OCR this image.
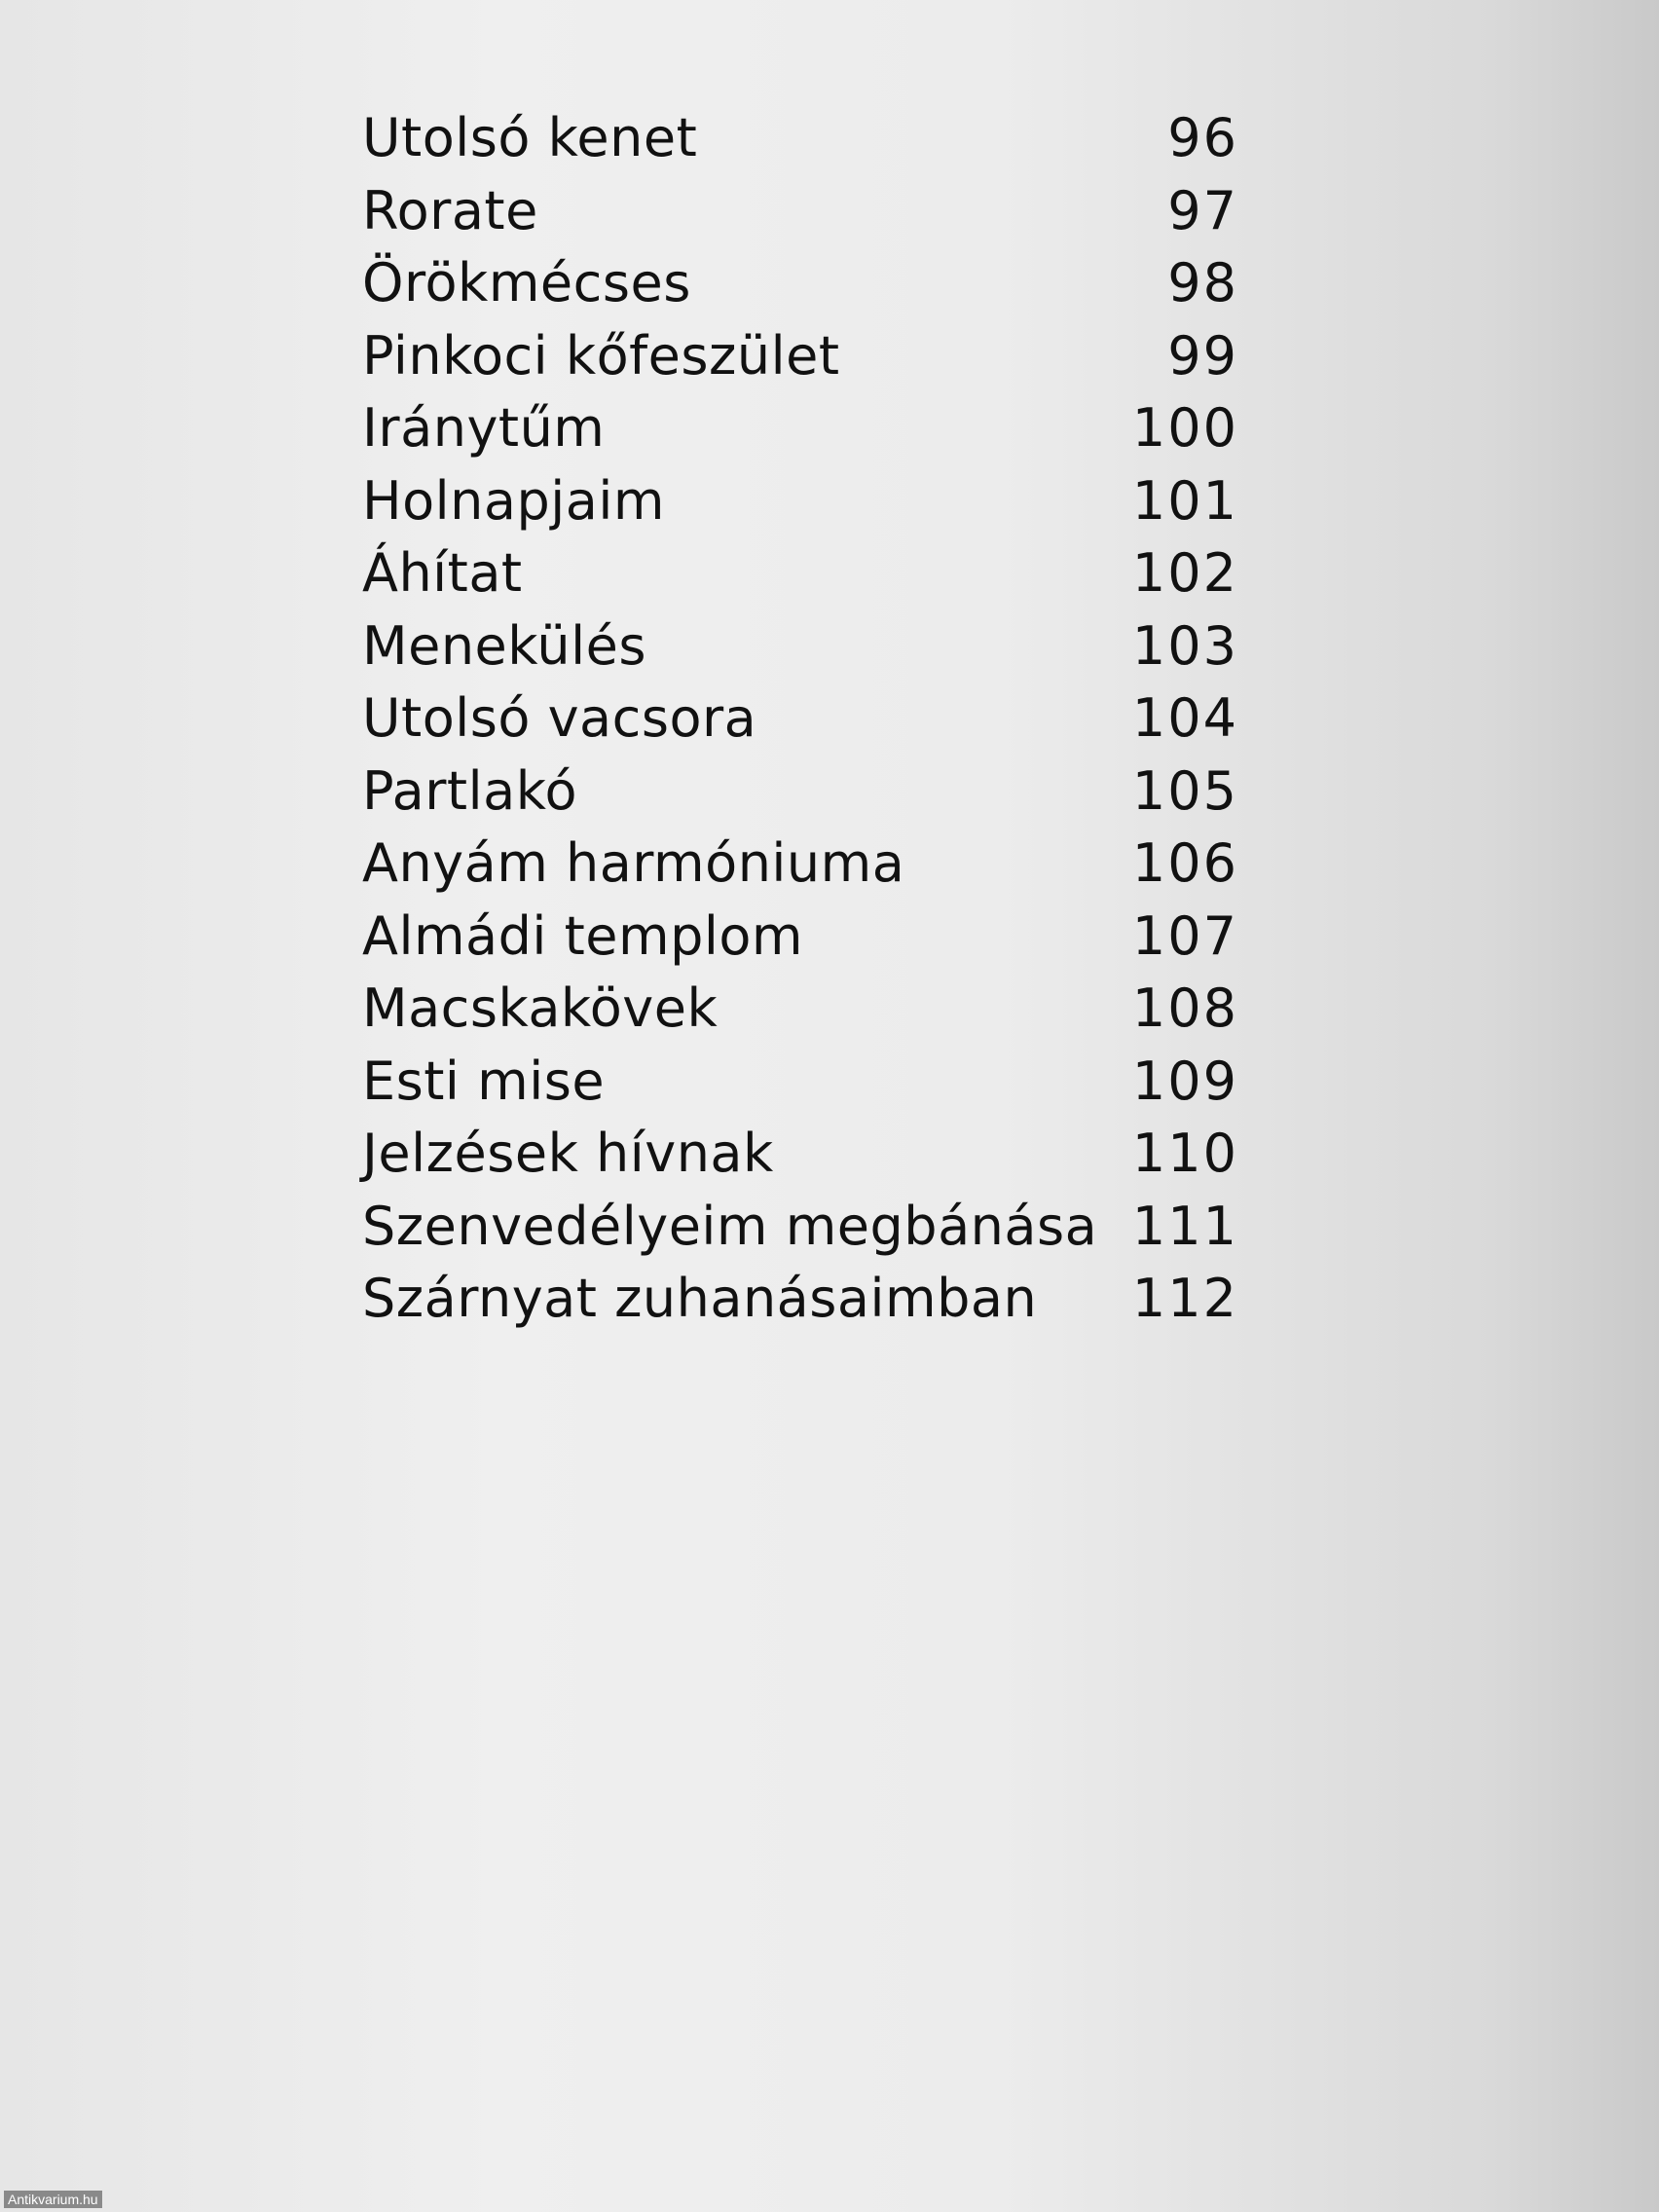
Utolsó kenet	96
Rorate	97
Örökmécses	98
Pinkoci kőfeszület	99
Iránytűm	100
Holnapjaim	101
Áhítat	102
Menekülés	103
Utolsó vacsora	104
Partlakó	105
Anyám harmóniuma	106
Almádi templom	107
Macskakövek	108
Esti mise	109
Jelzések hívnak	110
Szenvedélyeim megbánása 111
Szárnyat zuhanásaimban	112
Antikvarium.hu
